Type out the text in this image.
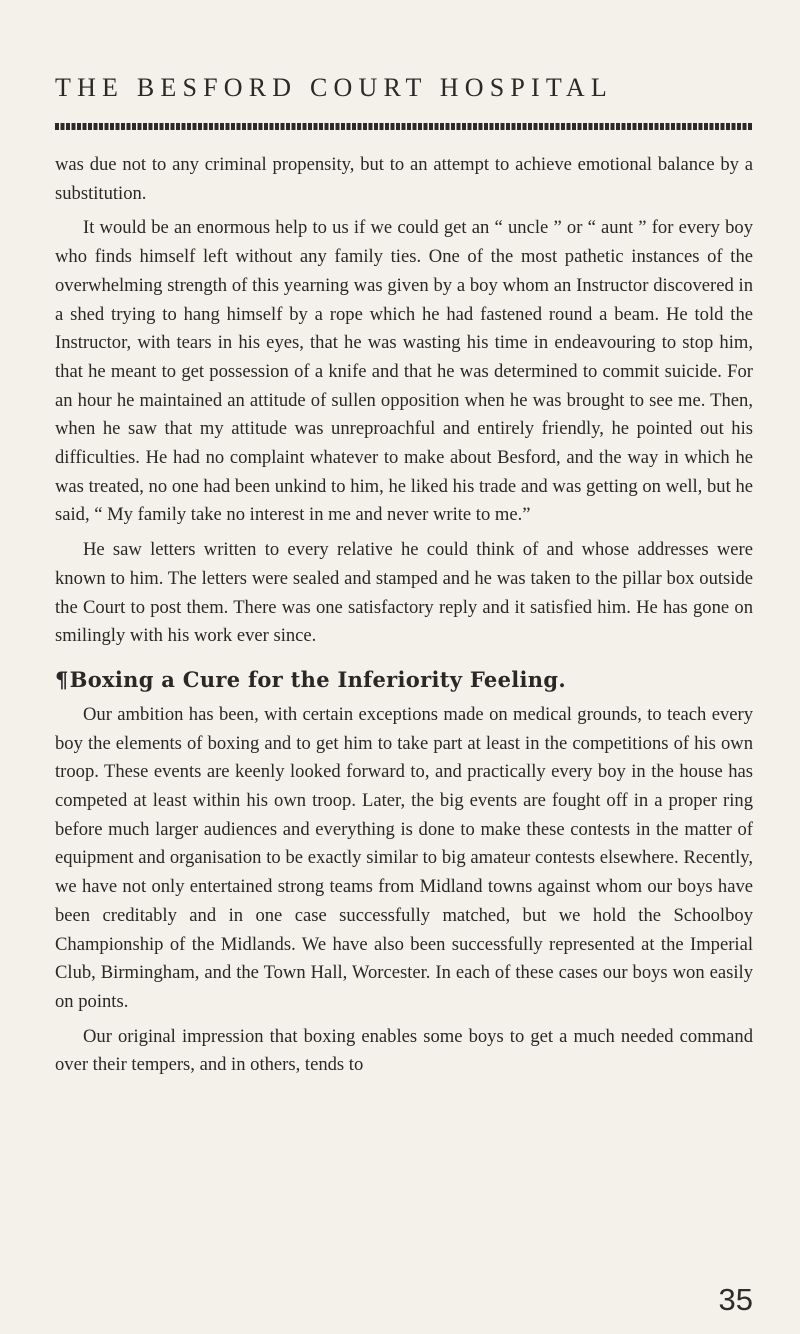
THE BESFORD COURT HOSPITAL

was due not to any criminal propensity, but to an attempt to achieve emotional balance by a substitution.

It would be an enormous help to us if we could get an “ uncle ” or “ aunt ” for every boy who finds himself left without any family ties. One of the most pathetic instances of the overwhelming strength of this yearning was given by a boy whom an Instructor discovered in a shed trying to hang himself by a rope which he had fastened round a beam. He told the Instructor, with tears in his eyes, that he was wasting his time in endeavouring to stop him, that he meant to get possession of a knife and that he was determined to commit suicide. For an hour he maintained an attitude of sullen opposition when he was brought to see me. Then, when he saw that my attitude was unreproachful and entirely friendly, he pointed out his difficulties. He had no complaint whatever to make about Besford, and the way in which he was treated, no one had been unkind to him, he liked his trade and was getting on well, but he said, “ My family take no interest in me and never write to me.”

He saw letters written to every relative he could think of and whose addresses were known to him. The letters were sealed and stamped and he was taken to the pillar box outside the Court to post them. There was one satisfactory reply and it satisfied him. He has gone on smilingly with his work ever since.

¶Boxing a Cure for the Inferiority Feeling.

Our ambition has been, with certain exceptions made on medical grounds, to teach every boy the elements of boxing and to get him to take part at least in the competitions of his own troop. These events are keenly looked forward to, and practically every boy in the house has competed at least within his own troop. Later, the big events are fought off in a proper ring before much larger audiences and everything is done to make these contests in the matter of equipment and organisation to be exactly similar to big amateur contests elsewhere. Recently, we have not only entertained strong teams from Midland towns against whom our boys have been creditably and in one case successfully matched, but we hold the Schoolboy Championship of the Midlands. We have also been successfully represented at the Imperial Club, Birmingham, and the Town Hall, Worcester. In each of these cases our boys won easily on points.

Our original impression that boxing enables some boys to get a much needed command over their tempers, and in others, tends to

35
